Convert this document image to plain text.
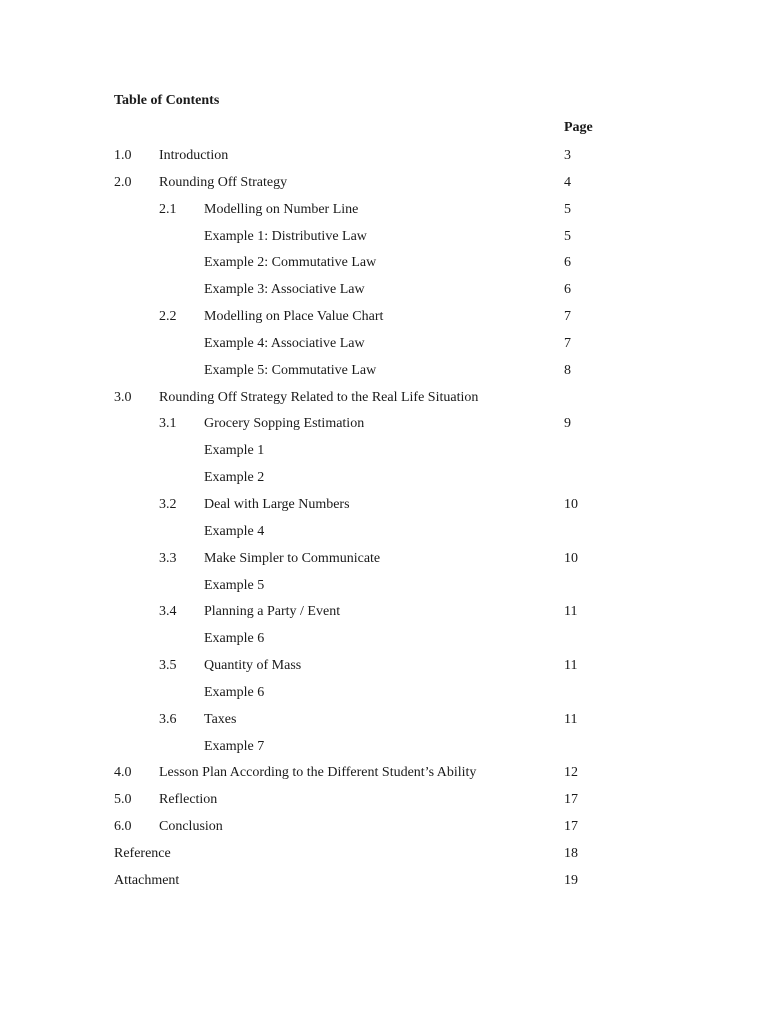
Table of Contents
Page
1.0 Introduction	3
2.0 Rounding Off Strategy	4
2.1 Modelling on Number Line	5
Example 1: Distributive Law	5
Example 2: Commutative Law	6
Example 3: Associative Law	6
2.2 Modelling on Place Value Chart	7
Example 4: Associative Law	7
Example 5: Commutative Law	8
3.0 Rounding Off Strategy Related to the Real Life Situation
3.1 Grocery Sopping Estimation	9
Example 1
Example 2
3.2 Deal with Large Numbers	10
Example 4
3.3 Make Simpler to Communicate	10
Example 5
3.4 Planning a Party / Event	11
Example 6
3.5 Quantity of Mass	11
Example 6
3.6 Taxes	11
Example 7
4.0 Lesson Plan According to the Different Student’s Ability	12
5.0 Reflection	17
6.0 Conclusion	17
Reference	18
Attachment	19
